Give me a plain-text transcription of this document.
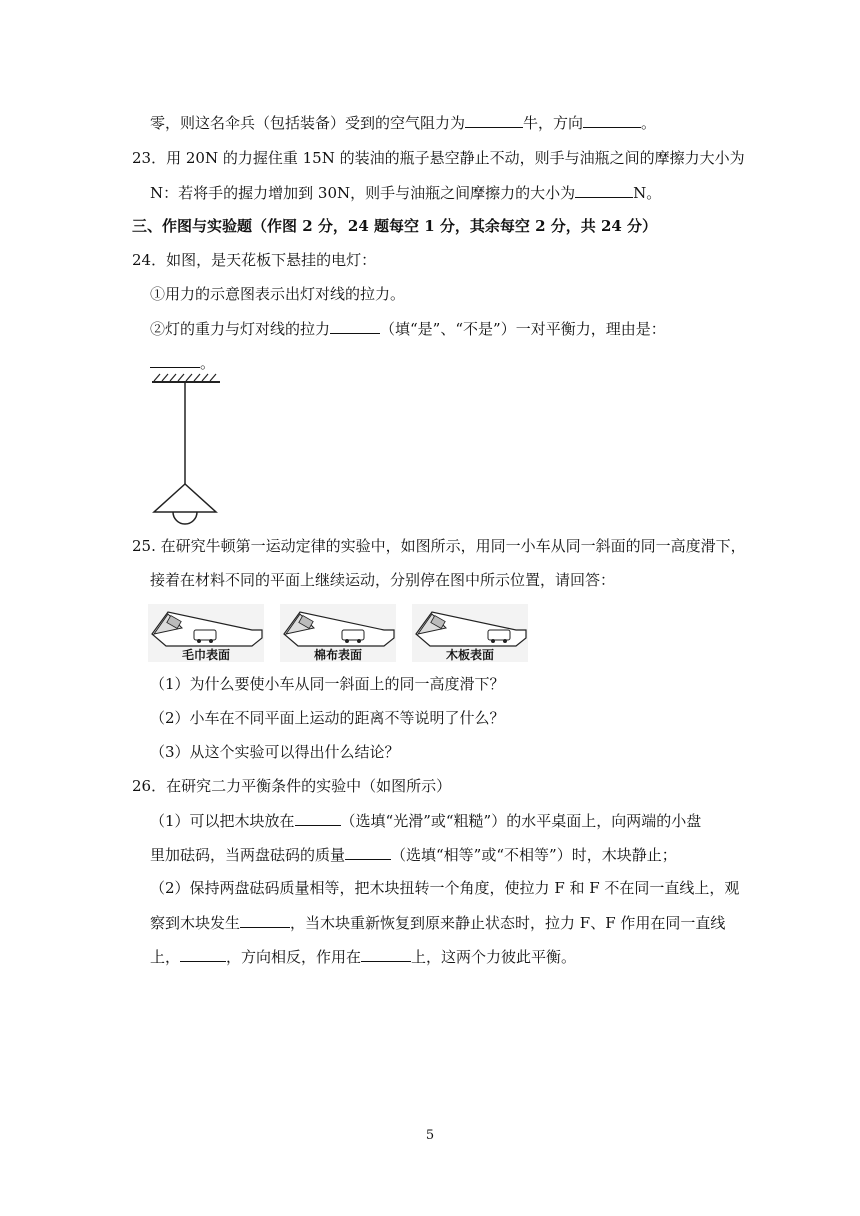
零，则这名伞兵（包括装备）受到的空气阻力为	牛，方向	。
23．用 20N 的力握住重 15N 的装油的瓶子悬空静止不动，则手与油瓶之间的摩擦力大小为
N：若将手的握力增加到 30N，则手与油瓶之间摩擦力的大小为	N。
三、作图与实验题（作图 2 分，24 题每空 1 分，其余每空 2 分，共 24 分）
24．如图，是天花板下悬挂的电灯：
①用力的示意图表示出灯对线的拉力。
②灯的重力与灯对线的拉力	（填“是”、“不是”）一对平衡力，理由是：
。
25. 在研究牛顿第一运动定律的实验中，如图所示，用同一小车从同一斜面的同一高度滑下，
接着在材料不同的平面上继续运动，分别停在图中所示位置，请回答：
毛巾表面	棉布表面	木板表面
（1）为什么要使小车从同一斜面上的同一高度滑下？
（2）小车在不同平面上运动的距离不等说明了什么？
（3）从这个实验可以得出什么结论？
26．在研究二力平衡条件的实验中（如图所示）
（1）可以把木块放在	（选填“光滑”或“粗糙”）的水平桌面上，向两端的小盘
里加砝码，当两盘砝码的质量	（选填“相等”或“不相等”）时，木块静止；
（2）保持两盘砝码质量相等，把木块扭转一个角度，使拉力 F 和 F 不在同一直线上，观
察到木块发生	，当木块重新恢复到原来静止状态时，拉力 F、F 作用在同一直线
上，	，方向相反，作用在	上，这两个力彼此平衡。
5
